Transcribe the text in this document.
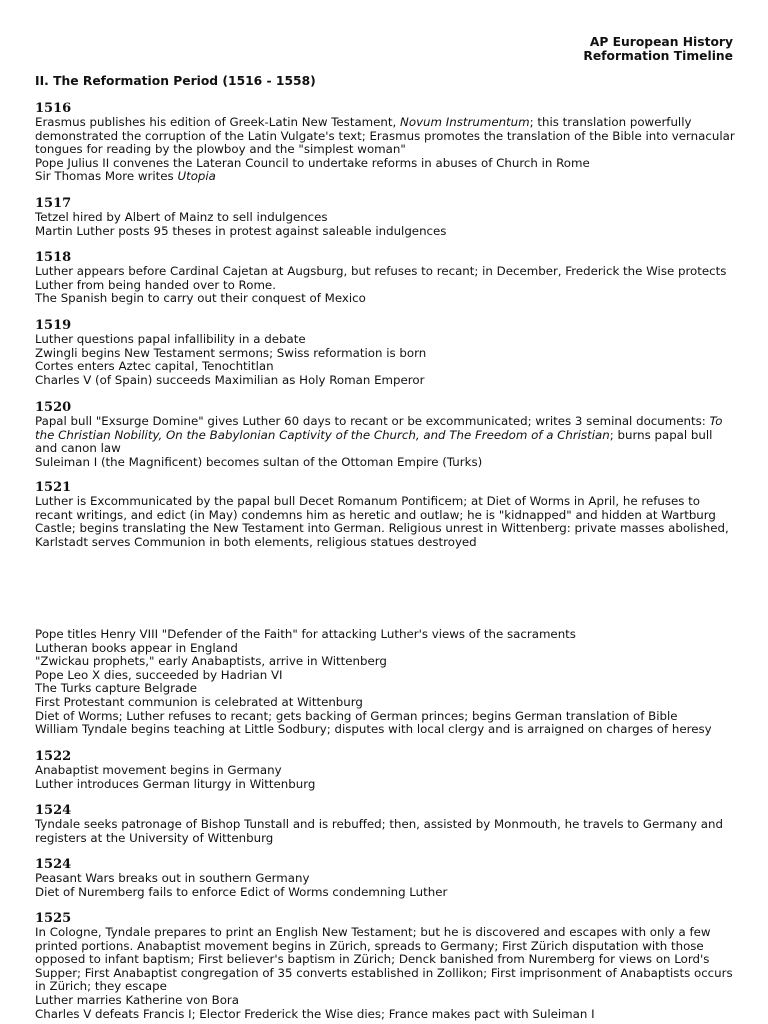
AP European History
Reformation Timeline
II. The Reformation Period (1516 - 1558)
1516
Erasmus publishes his edition of Greek-Latin New Testament, Novum Instrumentum; this translation powerfully demonstrated the corruption of the Latin Vulgate's text; Erasmus promotes the translation of the Bible into vernacular tongues for reading by the plowboy and the "simplest woman"
Pope Julius II convenes the Lateran Council to undertake reforms in abuses of Church in Rome
Sir Thomas More writes Utopia
1517
Tetzel hired by Albert of Mainz to sell indulgences
Martin Luther posts 95 theses in protest against saleable indulgences
1518
Luther appears before Cardinal Cajetan at Augsburg, but refuses to recant; in December, Frederick the Wise protects Luther from being handed over to Rome.
The Spanish begin to carry out their conquest of Mexico
1519
Luther questions papal infallibility in a debate
Zwingli begins New Testament sermons; Swiss reformation is born
Cortes enters Aztec capital, Tenochtitlan
Charles V (of Spain) succeeds Maximilian as Holy Roman Emperor
1520
Papal bull "Exsurge Domine" gives Luther 60 days to recant or be excommunicated; writes 3 seminal documents: To the Christian Nobility, On the Babylonian Captivity of the Church, and The Freedom of a Christian; burns papal bull and canon law
Suleiman I (the Magnificent) becomes sultan of the Ottoman Empire (Turks)
1521
Luther is Excommunicated by the papal bull Decet Romanum Pontificem; at Diet of Worms in April, he refuses to recant writings, and edict (in May) condemns him as heretic and outlaw; he is "kidnapped" and hidden at Wartburg Castle; begins translating the New Testament into German. Religious unrest in Wittenberg: private masses abolished, Karlstadt serves Communion in both elements, religious statues destroyed
Pope titles Henry VIII "Defender of the Faith" for attacking Luther's views of the sacraments
Lutheran books appear in England
"Zwickau prophets," early Anabaptists, arrive in Wittenberg
Pope Leo X dies, succeeded by Hadrian VI
The Turks capture Belgrade
First Protestant communion is celebrated at Wittenburg
Diet of Worms; Luther refuses to recant; gets backing of German princes; begins German translation of Bible
William Tyndale begins teaching at Little Sodbury; disputes with local clergy and is arraigned on charges of heresy
1522
Anabaptist movement begins in Germany
Luther introduces German liturgy in Wittenburg
1524
Tyndale seeks patronage of Bishop Tunstall and is rebuffed; then, assisted by Monmouth, he travels to Germany and registers at the University of Wittenburg
1524
Peasant Wars breaks out in southern Germany
Diet of Nuremberg fails to enforce Edict of Worms condemning Luther
1525
In Cologne, Tyndale prepares to print an English New Testament; but he is discovered and escapes with only a few printed portions. Anabaptist movement begins in Zürich, spreads to Germany; First Zürich disputation with those opposed to infant baptism; First believer's baptism in Zürich; Denck banished from Nuremberg for views on Lord's Supper; First Anabaptist congregation of 35 converts established in Zollikon; First imprisonment of Anabaptists occurs in Zürich; they escape
Luther marries Katherine von Bora
Charles V defeats Francis I; Elector Frederick the Wise dies; France makes pact with Suleiman I
